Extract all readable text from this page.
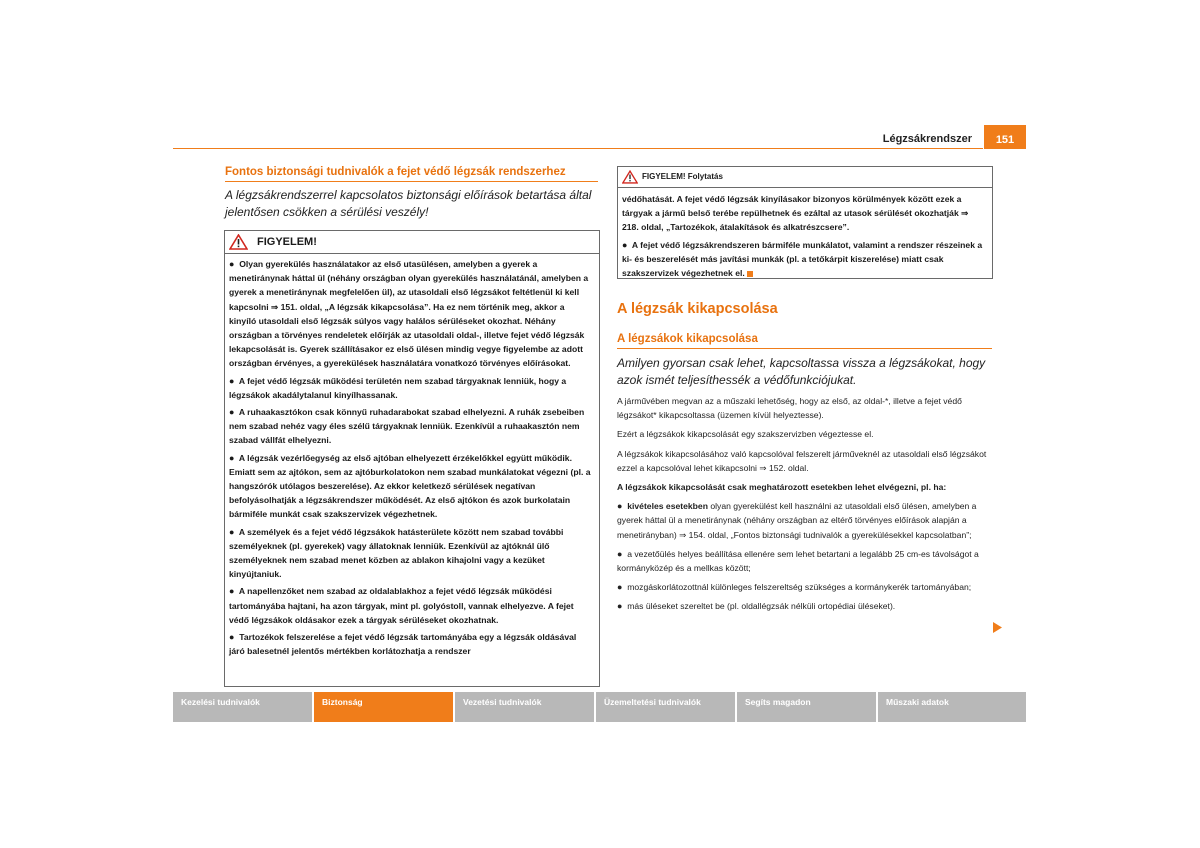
Légzsákrendszer	151
Fontos biztonsági tudnivalók a fejet védő légzsák rendszerhez
A légzsákrendszerrel kapcsolatos biztonsági előírások betartása által jelentősen csökken a sérülési veszély!
FIGYELEM!

● Olyan gyerekülés használatakor az első utasülésen, amelyben a gyerek a menetiránynak háttal ül (néhány országban olyan gyerekülés használatánál, amelyben a gyerek a menetiránynak megfelelően ül), az utasoldali első légzsákot feltétlenül ki kell kapcsolni ⇒ 151. oldal, „A légzsák kikapcsolása”. Ha ez nem történik meg, akkor a kinyíló utasoldali első légzsák súlyos vagy halálos sérüléseket okozhat. Néhány országban a törvényes rendeletek előírják az utasoldali oldal-, illetve fejet védő légzsák lekapcsolását is. Gyerek szállításakor ez első ülésen mindig vegye figyelembe az adott országban érvényes, a gyerekülések használatára vonatkozó törvényes előírásokat.

● A fejet védő légzsák működési területén nem szabad tárgyaknak lenniük, hogy a légzsákok akadálytalanul kinyílhassanak.

● A ruhaakasztókon csak könnyű ruhadarabokat szabad elhelyezni. A ruhák zsebeiben nem szabad nehéz vagy éles szélű tárgyaknak lenniük. Ezenkívül a ruhaakasztón nem szabad vállfát elhelyezni.

● A légzsák vezérlőegység az első ajtóban elhelyezett érzékelőkkel együtt működik. Emiatt sem az ajtókon, sem az ajtóburkolatokon nem szabad munkálatokat végezni (pl. a hangszórók utólagos beszerelése). Az ekkor keletkező sérülések negatívan befolyásolhatják a légzsákrendszer működését. Az első ajtókon és azok burkolatain bármiféle munkát csak szakszervizek végezhetnek.

● A személyek és a fejet védő légzsákok hatásterülete között nem szabad további személyeknek (pl. gyerekek) vagy állatoknak lenniük. Ezenkívül az ajtóknál ülő személyeknek nem szabad menet közben az ablakon kihajolni vagy a kezüket kinyújtaniuk.

● A napellenzőket nem szabad az oldalablakhoz a fejet védő légzsák működési tartományába hajtani, ha azon tárgyak, mint pl. golyóstoll, vannak elhelyezve. A fejet védő légzsákok oldásakor ezek a tárgyak sérüléseket okozhatnak.

● Tartozékok felszerelése a fejet védő légzsák tartományába egy a légzsák oldásával járó balesetnél jelentős mértékben korlátozhatja a rendszer

FIGYELEM! Folytatás

védőhatását. A fejet védő légzsák kinyílásakor bizonyos körülmények között ezek a tárgyak a jármű belső terébe repülhetnek és ezáltal az utasok sérülését okozhatják ⇒ 218. oldal, „Tartozékok, átalakítások és alkatrészcsere”.

● A fejet védő légzsákrendszeren bármiféle munkálatot, valamint a rendszer részeinek a ki- és beszerelését más javítási munkák (pl. a tetőkárpit kiszerelése) miatt csak szakszervizek végezhetnek el.

A légzsák kikapcsolása
A légzsákok kikapcsolása
Amilyen gyorsan csak lehet, kapcsoltassa vissza a légzsákokat, hogy azok ismét teljesíthessék a védőfunkciójukat.

A járművében megvan az a műszaki lehetőség, hogy az első, az oldal-*, illetve a fejet védő légzsákot* kikapcsoltassa (üzemen kívül helyeztesse).

Ezért a légzsákok kikapcsolását egy szakszervizben végeztesse el.

A légzsákok kikapcsolásához való kapcsolóval felszerelt járműveknél az utasoldali első légzsákot ezzel a kapcsolóval lehet kikapcsolni ⇒ 152. oldal.

A légzsákok kikapcsolását csak meghatározott esetekben lehet elvégezni, pl. ha:

● kivételes esetekben olyan gyerekülést kell használni az utasoldali első ülésen, amelyben a gyerek háttal ül a menetiránynak (néhány országban az eltérő törvényes előírások alapján a menetirányban) ⇒ 154. oldal, „Fontos biztonsági tudnivalók a gyerekülésekkel kapcsolatban”;

● a vezetőülés helyes beállítása ellenére sem lehet betartani a legalább 25 cm-es távolságot a kormányközép és a mellkas között;

● mozgáskorlátozottnál különleges felszereltség szükséges a kormánykerék tartományában;

● más üléseket szereltet be (pl. oldallégzsák nélküli ortopédiai üléseket).

Kezelési tudnivalók	Biztonság	Vezetési tudnivalók	Üzemeltetési tudnivalók	Segíts magadon	Műszaki adatok
